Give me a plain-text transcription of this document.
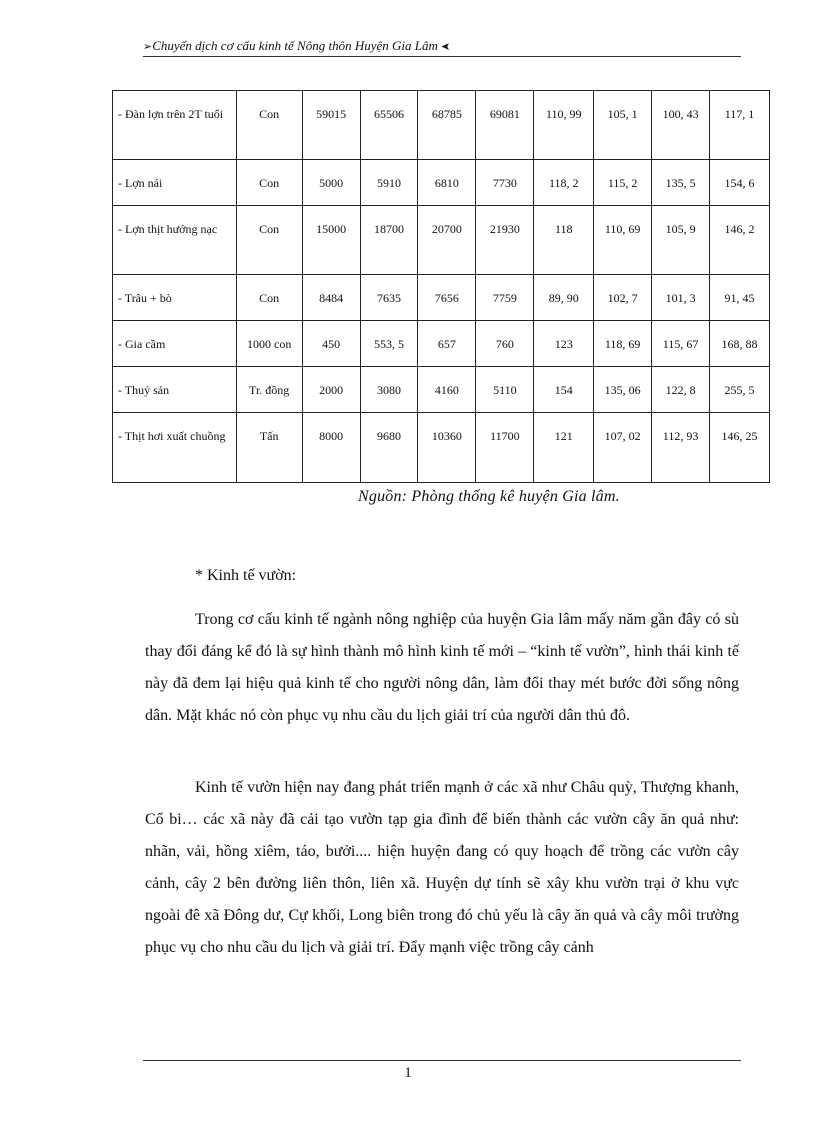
➢Chuyển dịch cơ cấu kinh tế Nông thôn Huyện Gia Lâm ➤
- Đàn lợn trên 2T tuổi	Con	59015	65506	68785	69081	110, 99	105, 1	100, 43	117, 1
- Lợn nái	Con	5000	5910	6810	7730	118, 2	115, 2	135, 5	154, 6
- Lợn thịt hướng nạc	Con	15000	18700	20700	21930	118	110, 69	105, 9	146, 2
- Trâu + bò	Con	8484	7635	7656	7759	89, 90	102, 7	101, 3	91, 45
- Gia cầm	1000 con	450	553, 5	657	760	123	118, 69	115, 67	168, 88
- Thuỷ sản	Tr. đồng	2000	3080	4160	5110	154	135, 06	122, 8	255, 5
- Thịt hơi xuất chuồng	Tấn	8000	9680	10360	11700	121	107, 02	112, 93	146, 25
Nguồn: Phòng thống kê huyện Gia lâm.
* Kinh tế vườn:

Trong cơ cấu kinh tế ngành nông nghiệp của huyện Gia lâm mấy năm gần đây có sù thay đổi đáng kể đó là sự hình thành mô hình kinh tế mới – “kinh tế vườn”, hình thái kinh tế này đã đem lại hiệu quả kinh tế cho người nông dân, làm đổi thay mét bước đời sống nông dân. Mặt khác nó còn phục vụ nhu cầu du lịch giải trí của người dân thủ đô.

Kinh tế vườn hiện nay đang phát triển mạnh ở các xã như Châu quỳ, Thượng khanh, Cổ bi… các xã này đã cải tạo vườn tạp gia đình để biến thành các vườn cây ăn quả như: nhãn, vải, hồng xiêm, táo, bưởi.... hiện huyện đang có quy hoạch để trồng các vườn cây cảnh, cây 2 bên đường liên thôn, liên xã. Huyện dự tính sẽ xây khu vườn trại ở khu vực ngoài đê xã Đông dư, Cự khối, Long biên trong đó chủ yếu là cây ăn quả và cây môi trường phục vụ cho nhu cầu du lịch và giải trí. Đẩy mạnh việc trồng cây cảnh

1
